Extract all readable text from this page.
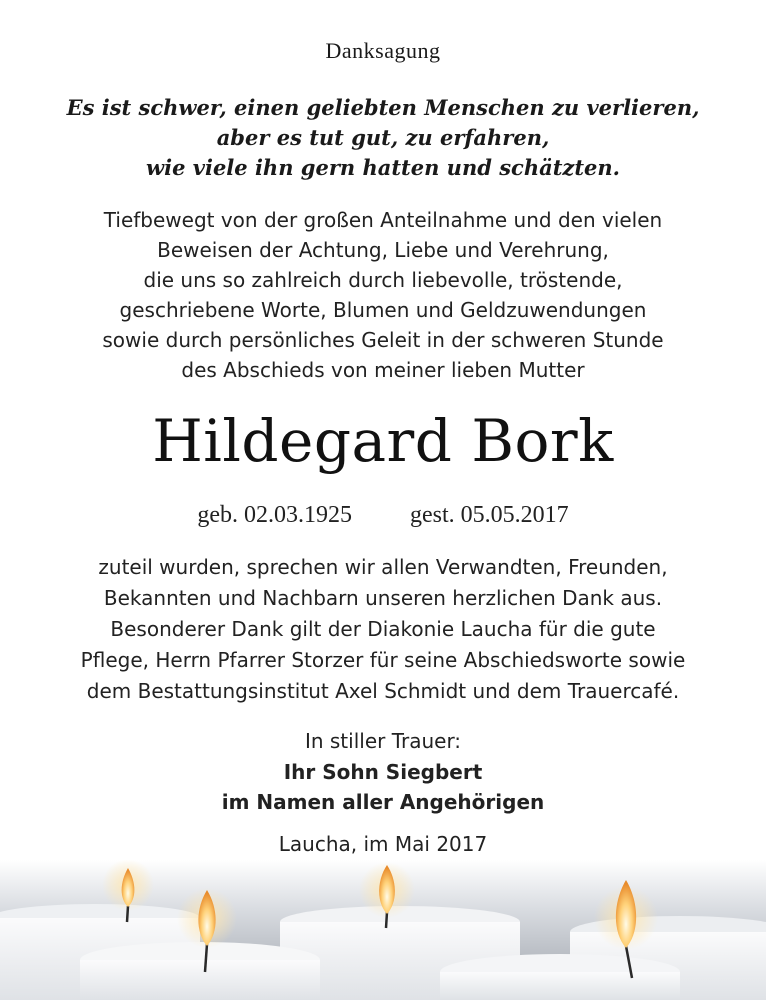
Danksagung
Es ist schwer, einen geliebten Menschen zu verlieren,
aber es tut gut, zu erfahren,
wie viele ihn gern hatten und schätzten.
Tiefbewegt von der großen Anteilnahme und den vielen
Beweisen der Achtung, Liebe und Verehrung,
die uns so zahlreich durch liebevolle, tröstende,
geschriebene Worte, Blumen und Geldzuwendungen
sowie durch persönliches Geleit in der schweren Stunde
des Abschieds von meiner lieben Mutter
Hildegard Bork
geb. 02.03.1925 gest. 05.05.2017
zuteil wurden, sprechen wir allen Verwandten, Freunden,
Bekannten und Nachbarn unseren herzlichen Dank aus.
Besonderer Dank gilt der Diakonie Laucha für die gute
Pflege, Herrn Pfarrer Storzer für seine Abschiedsworte sowie
dem Bestattungsinstitut Axel Schmidt und dem Trauercafé.
In stiller Trauer:
Ihr Sohn Siegbert
im Namen aller Angehörigen
Laucha, im Mai 2017
